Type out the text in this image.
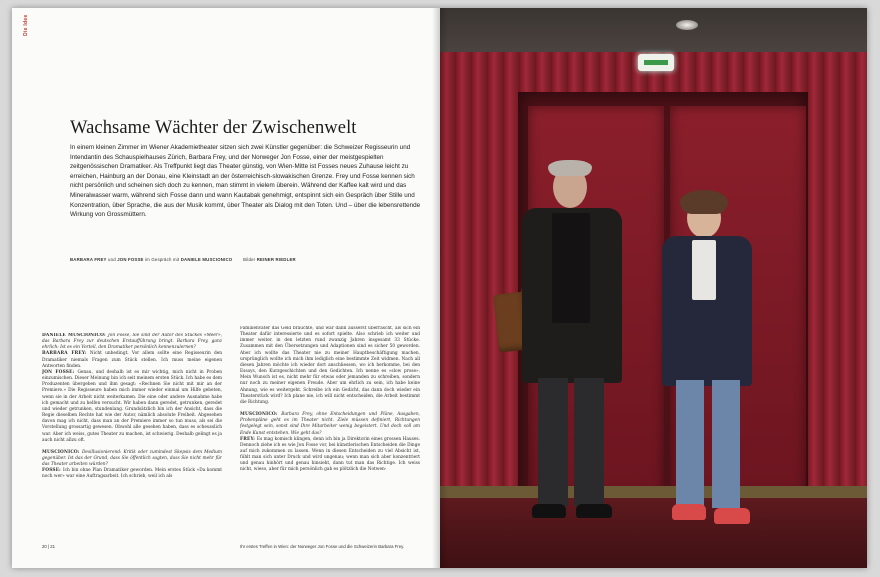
Die Idee
Wachsame Wächter der Zwischenwelt
In einem kleinen Zimmer im Wiener Akademietheater sitzen sich zwei Künstler gegenüber: die Schweizer Regisseurin und Intendantin des Schauspielhauses Zürich, Barbara Frey, und der Norweger Jon Fosse, einer der meistgespielten zeitgenössischen Dramatiker. Als Treffpunkt liegt das Theater günstig, von Wien-Mitte ist Fosses neues Zuhause leicht zu erreichen, Hainburg an der Donau, eine Kleinstadt an der österreichisch-slowakischen Grenze. Frey und Fosse kennen sich nicht persönlich und scheinen sich doch zu kennen, man stimmt in vielem überein. Während der Kaffee kalt wird und das Mineralwasser warm, während sich Fosse dann und wann Kautabak genehmigt, entspinnt sich ein Gespräch über Stille und Konzentration, über Sprache, die aus der Musik kommt, über Theater als Dialog mit den Toten. Und – über die lebensrettende Wirkung von Grossmüttern.
BARBARA FREY und JON FOSSE im Gespräch mit DANIELE MUSCIONICO	Bilder REINER RIEDLER

DANIELE MUSCIONICO: Jon Fosse, Sie sind der Autor des Stückes «Meer», das Barbara Frey zur deutschen Erstaufführung bringt. Barbara Frey, ganz ehrlich: Ist es ein Vorteil, den Dramatiker persönlich kennenzulernen?

BARBARA FREY: Nicht unbedingt. Vor allem sollte eine Regisseurin den Dramatiker niemals Fragen zum Stück stellen. Ich muss meine eigenen Antworten finden.

JON FOSSE: Genau, und deshalb ist es mir wichtig, mich nicht in Proben einzumischen. Dieser Meinung bin ich seit meinem ersten Stück. Ich habe es dem Produzenten übergeben und ihm gesagt: «Rechnen Sie nicht mit mir an der Premiere.» Die Regisseure haben mich immer wieder einmal um Hilfe gebeten, wenn sie in der Arbeit nicht weiterkamen. Die eine oder andere Ausnahme habe ich gemacht und zu helfen versucht. Wir haben dann geredet, getrunken, geredet und wieder getrunken, stundenlang. Grundsätzlich bin ich der Ansicht, dass die Regie dieselben Rechte hat wie der Autor, nämlich absolute Freiheit. Abgesehen davon mag ich nicht, dass man an der Premiere immer so tun muss, als sei die Vorstellung grossartig gewesen. Obwohl alle gesehen haben, dass es scheusslich war. Aber ich weiss, gutes Theater zu machen, ist schwierig. Deshalb gelingt es ja auch nicht allzu oft.

MUSCIONICO: Desillusionierend: Kritik oder zumindest Skepsis dem Medium gegenüber. Ist das der Grund, dass Sie öffentlich sagten, dass Sie nicht mehr für das Theater arbeiten würden?

FOSSE: Ich bin ohne Plan Dramatiker geworden. Mein erstes Stück «Da kommt noch wer» war eine Auftragsarbeit. Ich schrieb, weil ich als

Familienvater das Geld brauchte, und war dann äusserst überrascht, als sich ein Theater dafür interessierte und es sofort spielte. Also schrieb ich weiter und immer weiter, in den letzten rund zwanzig Jahren insgesamt 33 Stücke. Zusammen mit den Übersetzungen und Adaptionen sind es sicher 50 geworden. Aber ich wollte das Theater nie zu meiner Hauptbeschäftigung machen, ursprünglich wollte ich mich ihm lediglich eine bestimmte Zeit widmen. Nach all diesen Jahren möchte ich wieder dort anschliessen, wo ich herkomme, bei den Essays, den Kurzgeschichten und den Gedichten. Ich nenne es «slow prose». Mein Wunsch ist es, nicht mehr für etwas oder jemanden zu schreiben, sondern nur noch zu meiner eigenen Freude. Aber um ehrlich zu sein, ich habe keine Ahnung, wie es weitergeht. Schreibe ich ein Gedicht, das dann doch wieder ein Theaterstück wird? Ich plane nie, ich will nicht entscheiden, die Arbeit bestimmt die Richtung.

MUSCIONICO: Barbara Frey, ohne Entscheidungen und Pläne, Ausgaben, Probenpläne geht es im Theater nicht. Ziele müssen definiert, Richtungen festgelegt sein, sonst sind Ihre Mitarbeiter wenig begeistert. Und doch soll am Ende Kunst entstehen. Wie geht das?

FREY: Es mag komisch klingen, denn ich bin ja Direktorin eines grossen Hauses. Dennoch ziehe ich es wie Jon Fosse vor, bei künstlerischen Entscheiden die Dinge auf mich zukommen zu lassen. Wenn in diesen Entscheiden zu viel Absicht ist, fühlt man sich unter Druck und wird ungenau; wenn man sich aber konzentriert und genau hinhört und genau hinsieht, dann tut man das Richtige. Ich weiss nicht, wieso, aber für mich persönlich gab es plötzlich die Notwen-

20 | 21	Ihr erstes Treffen in Wien: der Norweger Jon Fosse und die Schweizerin Barbara Frey.
